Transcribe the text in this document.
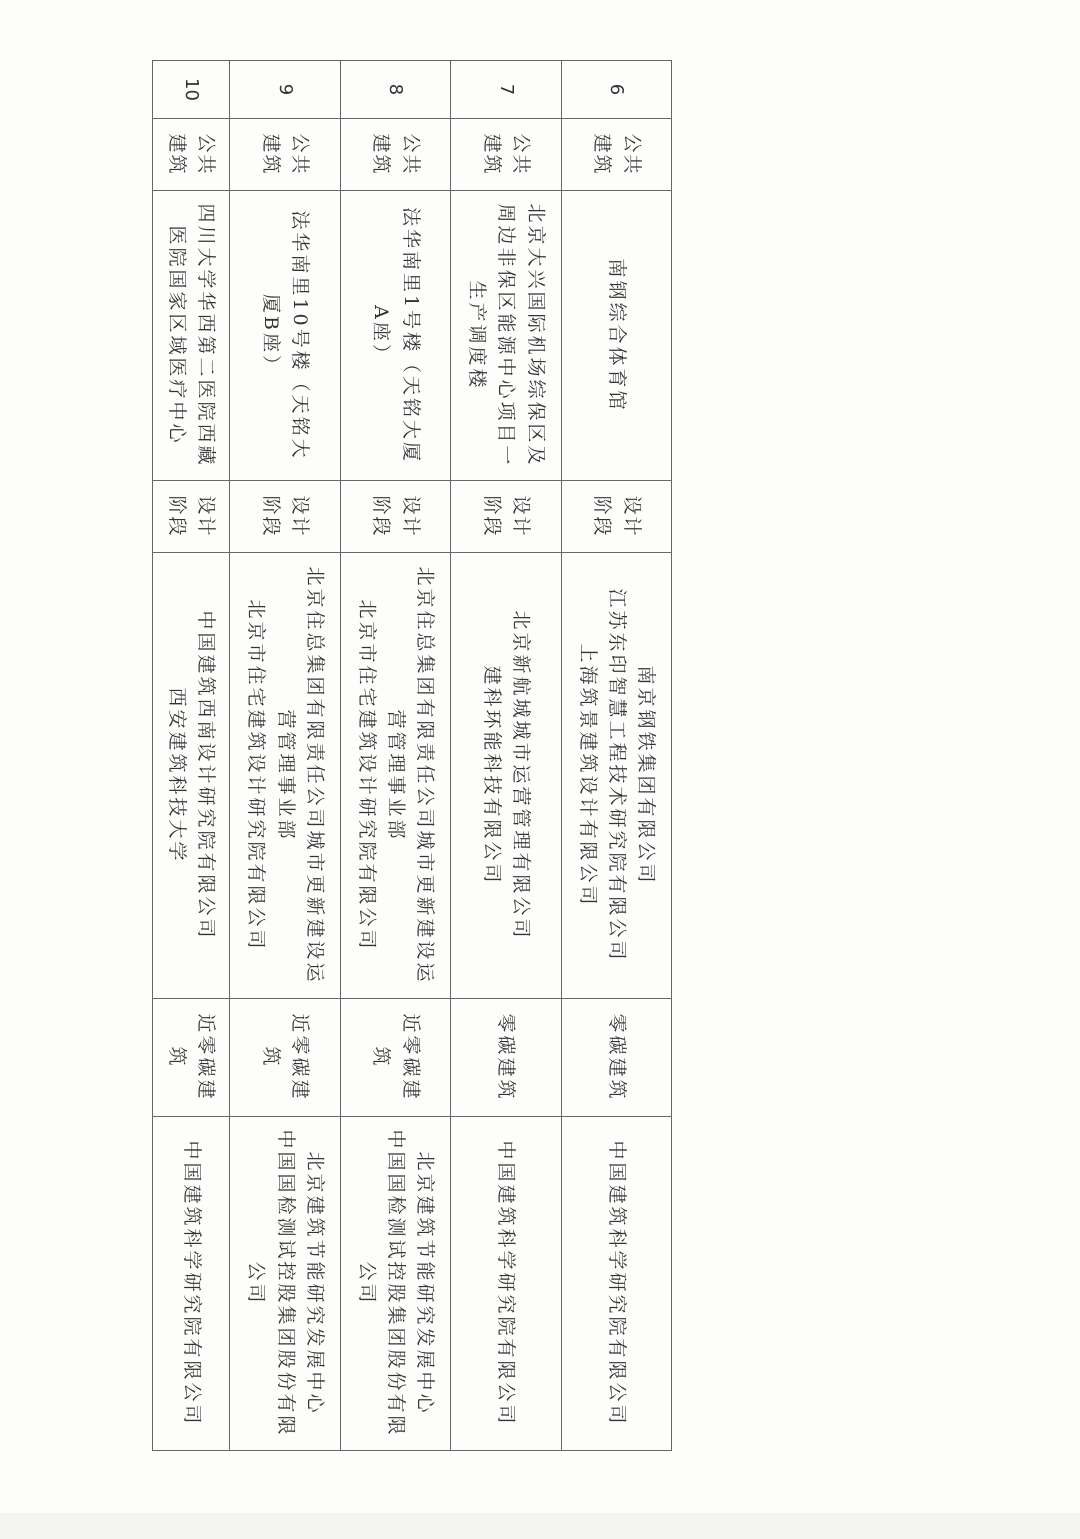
6	公共建筑	南钢综合体育馆	设计阶段	南京钢铁集团有限公司
江苏东印智慧工程技术研究院有限公司
上海筑景建筑设计有限公司	零碳建筑	中国建筑科学研究院有限公司

7	公共建筑	北京大兴国际机场综保区及周边非保区能源中心项目一生产调度楼	设计阶段	北京新航城城市运营管理有限公司
建科环能科技有限公司	零碳建筑	中国建筑科学研究院有限公司

8	公共建筑	法华南里1号楼（天铭大厦A座）	设计阶段	北京住总集团有限责任公司城市更新建设运营管理事业部
北京市住宅建筑设计研究院有限公司	近零碳建筑	北京建筑节能研究发展中心
中国国检测试控股集团股份有限公司

9	公共建筑	法华南里10号楼（天铭大厦B座）	设计阶段	北京住总集团有限责任公司城市更新建设运营管理事业部
北京市住宅建筑设计研究院有限公司	近零碳建筑	北京建筑节能研究发展中心
中国国检测试控股集团股份有限公司

10	公共建筑	四川大学华西第二医院西藏医院国家区域医疗中心	设计阶段	中国建筑西南设计研究院有限公司
西安建筑科技大学	近零碳建筑	中国建筑科学研究院有限公司
